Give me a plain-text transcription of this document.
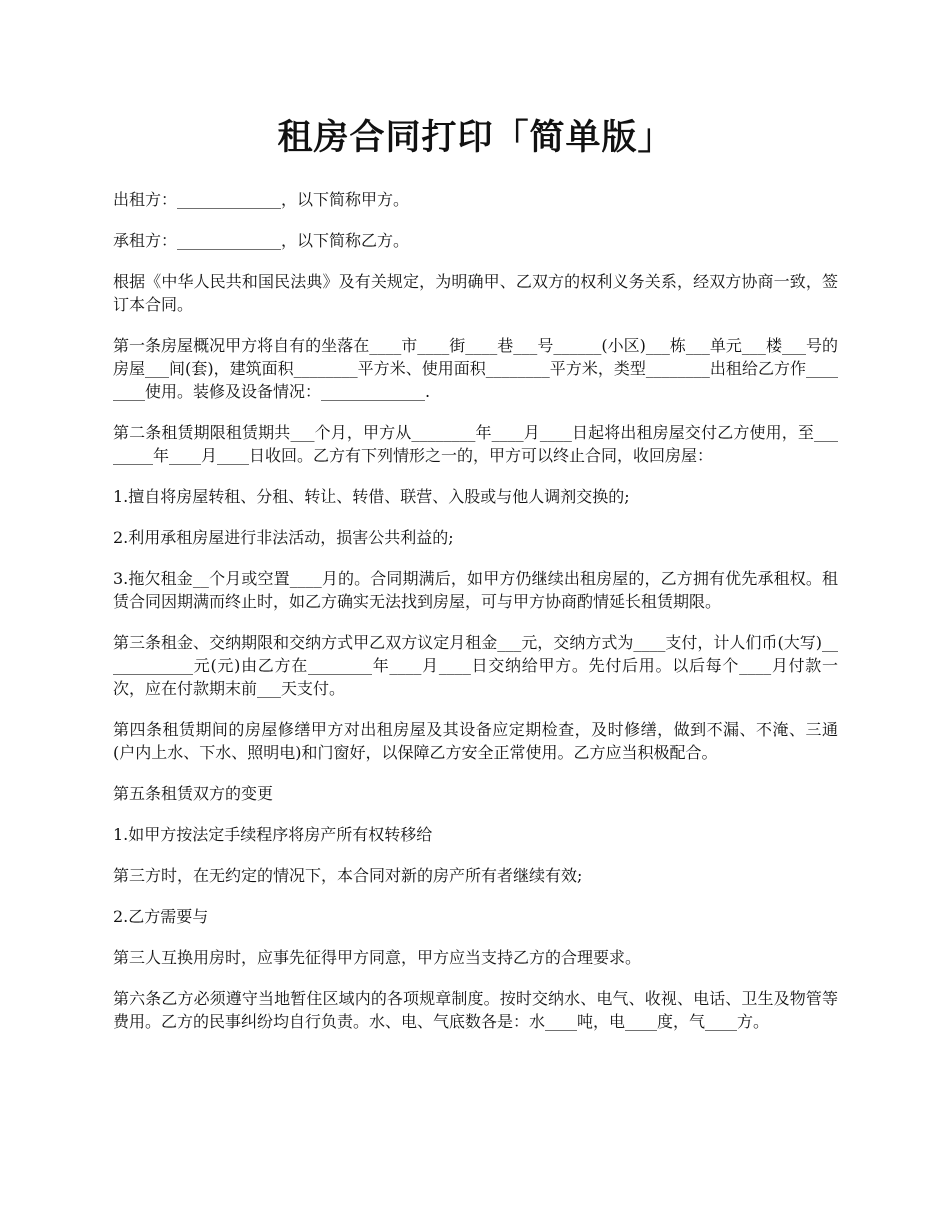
租房合同打印「简单版」

出租方：_____________，以下简称甲方。

承租方：_____________，以下简称乙方。

根据《中华人民共和国民法典》及有关规定，为明确甲、乙双方的权利义务关系，经双方协商一致，签订本合同。

第一条房屋概况甲方将自有的坐落在____市____街____巷___号______(小区)___栋___单元___楼___号的房屋___间(套)，建筑面积________平方米、使用面积________平方米，类型________出租给乙方作________使用。装修及设备情况：_____________.

第二条租赁期限租赁期共___个月，甲方从________年____月____日起将出租房屋交付乙方使用，至________年____月____日收回。乙方有下列情形之一的，甲方可以终止合同，收回房屋：

1.擅自将房屋转租、分租、转让、转借、联营、入股或与他人调剂交换的;

2.利用承租房屋进行非法活动，损害公共利益的;

3.拖欠租金__个月或空置____月的。合同期满后，如甲方仍继续出租房屋的，乙方拥有优先承租权。租赁合同因期满而终止时，如乙方确实无法找到房屋，可与甲方协商酌情延长租赁期限。

第三条租金、交纳期限和交纳方式甲乙双方议定月租金___元，交纳方式为____支付，计人们币(大写)____________元(元)由乙方在________年____月____日交纳给甲方。先付后用。以后每个____月付款一次，应在付款期末前___天支付。

第四条租赁期间的房屋修缮甲方对出租房屋及其设备应定期检查，及时修缮，做到不漏、不淹、三通(户内上水、下水、照明电)和门窗好，以保障乙方安全正常使用。乙方应当积极配合。

第五条租赁双方的变更

1.如甲方按法定手续程序将房产所有权转移给

第三方时，在无约定的情况下，本合同对新的房产所有者继续有效;

2.乙方需要与

第三人互换用房时，应事先征得甲方同意，甲方应当支持乙方的合理要求。

第六条乙方必须遵守当地暂住区域内的各项规章制度。按时交纳水、电气、收视、电话、卫生及物管等费用。乙方的民事纠纷均自行负责。水、电、气底数各是：水____吨，电____度，气____方。
